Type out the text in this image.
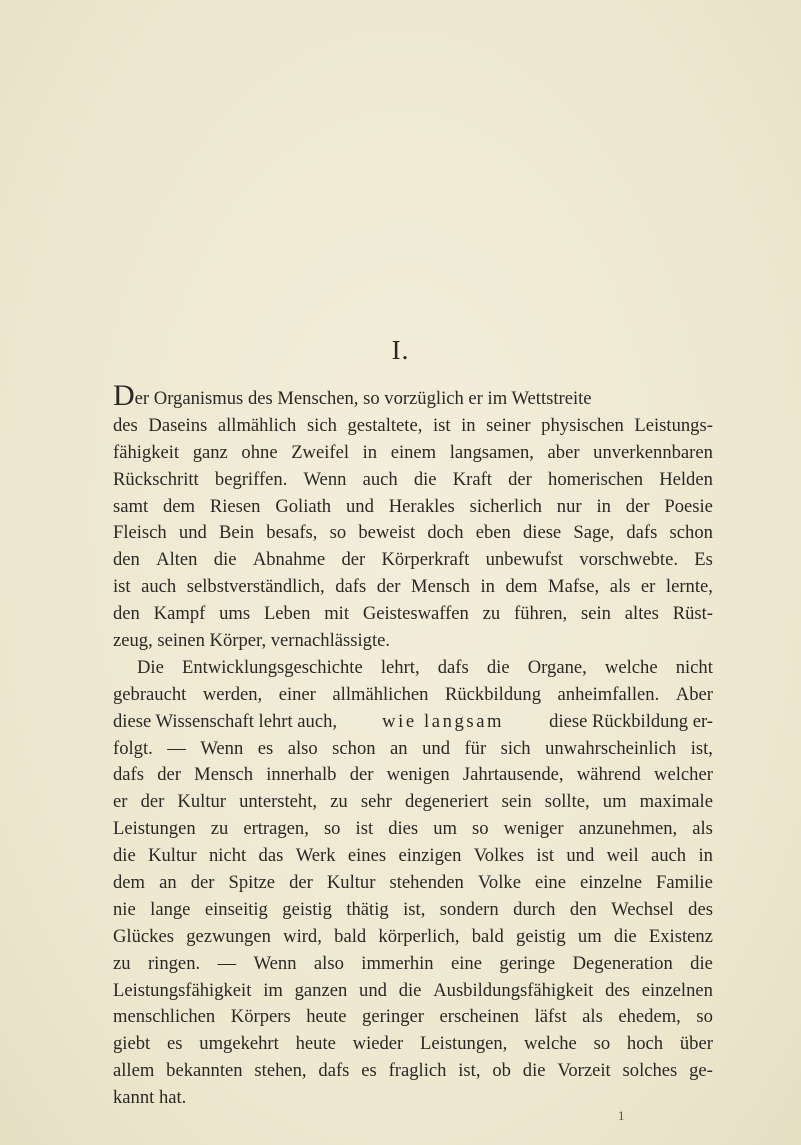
I.
Der Organismus des Menschen, so vorzüglich er im Wettstreite
des Daseins allmählich sich gestaltete, ist in seiner physischen Leistungs-
fähigkeit ganz ohne Zweifel in einem langsamen, aber unverkennbaren
Rückschritt begriffen. Wenn auch die Kraft der homerischen Helden
samt dem Riesen Goliath und Herakles sicherlich nur in der Poesie
Fleisch und Bein besafs, so beweist doch eben diese Sage, dafs schon
den Alten die Abnahme der Körperkraft unbewufst vorschwebte. Es
ist auch selbstverständlich, dafs der Mensch in dem Mafse, als er lernte,
den Kampf ums Leben mit Geisteswaffen zu führen, sein altes Rüst-
zeug, seinen Körper, vernachlässigte.
Die Entwicklungsgeschichte lehrt, dafs die Organe, welche nicht
gebraucht werden, einer allmählichen Rückbildung anheimfallen. Aber
diese Wissenschaft lehrt auch, wie langsam diese Rückbildung er-
folgt. — Wenn es also schon an und für sich unwahrscheinlich ist,
dafs der Mensch innerhalb der wenigen Jahrtausende, während welcher
er der Kultur untersteht, zu sehr degeneriert sein sollte, um maximale
Leistungen zu ertragen, so ist dies um so weniger anzunehmen, als
die Kultur nicht das Werk eines einzigen Volkes ist und weil auch in
dem an der Spitze der Kultur stehenden Volke eine einzelne Familie
nie lange einseitig geistig thätig ist, sondern durch den Wechsel des
Glückes gezwungen wird, bald körperlich, bald geistig um die Existenz
zu ringen. — Wenn also immerhin eine geringe Degeneration die
Leistungsfähigkeit im ganzen und die Ausbildungsfähigkeit des einzelnen
menschlichen Körpers heute geringer erscheinen läfst als ehedem, so
giebt es umgekehrt heute wieder Leistungen, welche so hoch über
allem bekannten stehen, dafs es fraglich ist, ob die Vorzeit solches ge-
kannt hat.
1
